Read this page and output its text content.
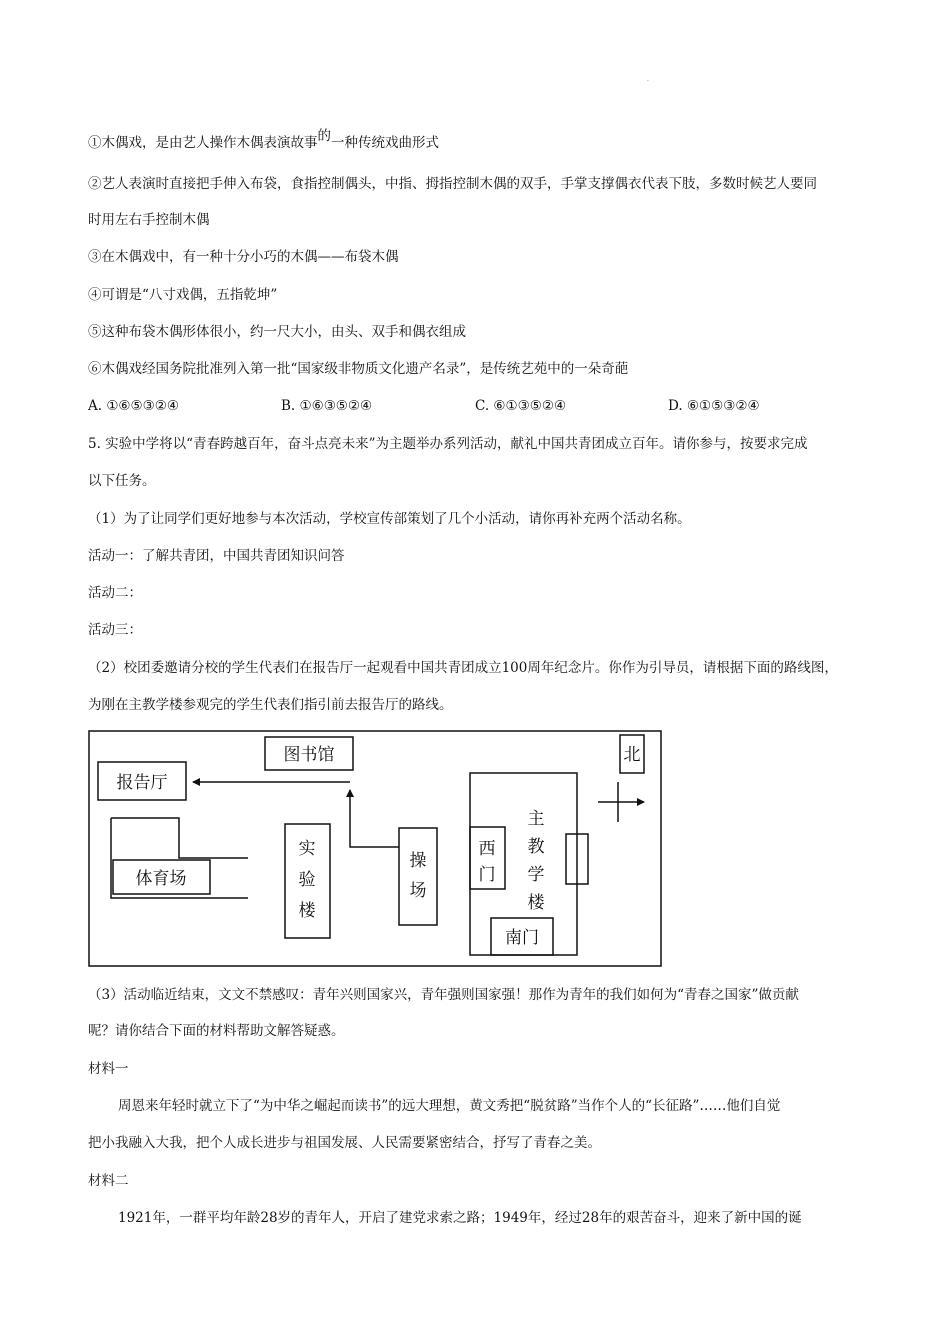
.
①木偶戏，是由艺人操作木偶表演故事的一种传统戏曲形式
②艺人表演时直接把手伸入布袋，食指控制偶头，中指、拇指控制木偶的双手，手掌支撑偶衣代表下肢，多数时候艺人要同
时用左右手控制木偶
③在木偶戏中，有一种十分小巧的木偶——布袋木偶
④可谓是“八寸戏偶，五指乾坤”
⑤这种布袋木偶形体很小，约一尺大小，由头、双手和偶衣组成
⑥木偶戏经国务院批准列入第一批“国家级非物质文化遗产名录”，是传统艺苑中的一朵奇葩
A. ①⑥⑤③②④	B. ①⑥③⑤②④	C. ⑥①③⑤②④	D. ⑥①⑤③②④
5. 实验中学将以“青春跨越百年，奋斗点亮未来”为主题举办系列活动，献礼中国共青团成立百年。请你参与，按要求完成
以下任务。
（1）为了让同学们更好地参与本次活动，学校宣传部策划了几个小活动，请你再补充两个活动名称。
活动一：了解共青团，中国共青团知识问答
活动二：
活动三：
（2）校团委邀请分校的学生代表们在报告厅一起观看中国共青团成立100周年纪念片。你作为引导员，请根据下面的路线图，
为刚在主教学楼参观完的学生代表们指引前去报告厅的路线。
图书馆
报告厅
体育场
实
验
楼
操
场
主
教
学
楼
西
门
南门
北
（3）活动临近结束，文文不禁感叹：青年兴则国家兴，青年强则国家强！那作为青年的我们如何为“青春之国家”做贡献
呢？请你结合下面的材料帮助文解答疑惑。
材料一
周恩来年轻时就立下了“为中华之崛起而读书”的远大理想，黄文秀把“脱贫路”当作个人的“长征路”……他们自觉
把小我融入大我，把个人成长进步与祖国发展、人民需要紧密结合，抒写了青春之美。
材料二
1921年，一群平均年龄28岁的青年人，开启了建党求索之路；1949年，经过28年的艰苦奋斗，迎来了新中国的诞
